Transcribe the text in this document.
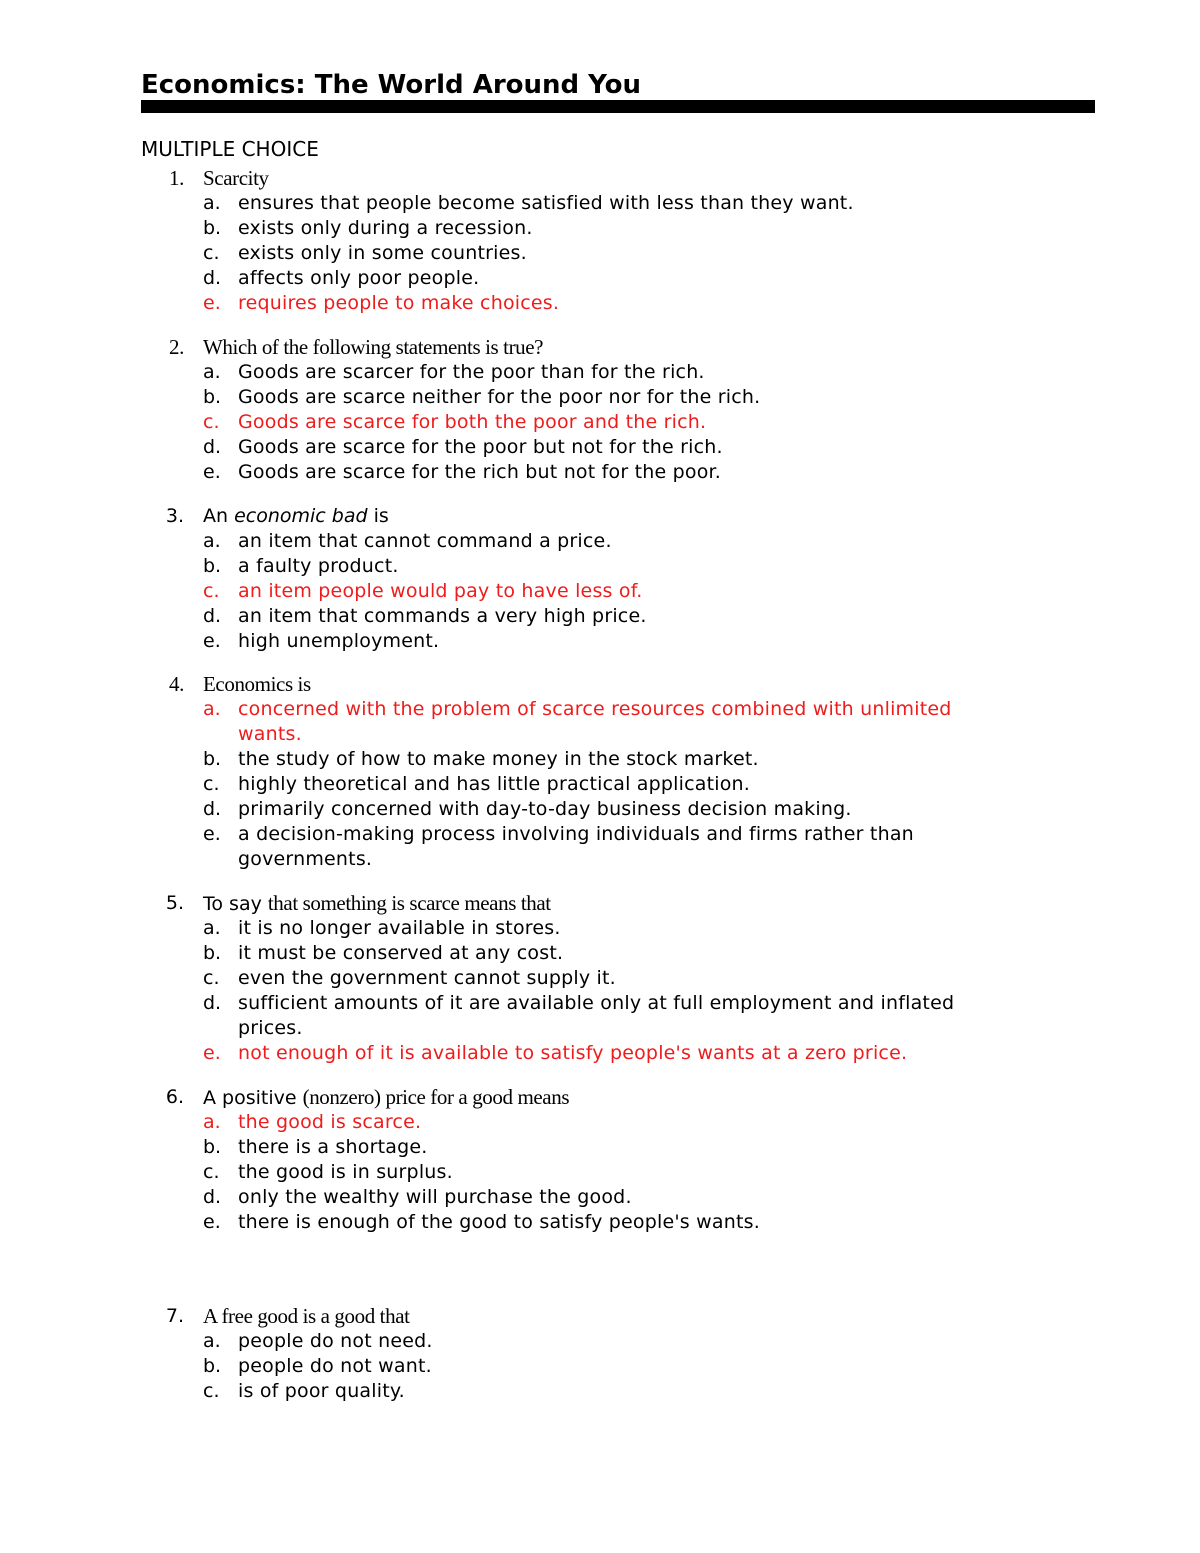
Economics: The World Around You
MULTIPLE CHOICE
1. Scarcity
a. ensures that people become satisfied with less than they want.
b. exists only during a recession.
c. exists only in some countries.
d. affects only poor people.
e. requires people to make choices.
2. Which of the following statements is true?
a. Goods are scarcer for the poor than for the rich.
b. Goods are scarce neither for the poor nor for the rich.
c. Goods are scarce for both the poor and the rich.
d. Goods are scarce for the poor but not for the rich.
e. Goods are scarce for the rich but not for the poor.
3. An economic bad is
a. an item that cannot command a price.
b. a faulty product.
c. an item people would pay to have less of.
d. an item that commands a very high price.
e. high unemployment.
4. Economics is
a. concerned with the problem of scarce resources combined with unlimited wants.
b. the study of how to make money in the stock market.
c. highly theoretical and has little practical application.
d. primarily concerned with day-to-day business decision making.
e. a decision-making process involving individuals and firms rather than governments.
5. To say that something is scarce means that
a. it is no longer available in stores.
b. it must be conserved at any cost.
c. even the government cannot supply it.
d. sufficient amounts of it are available only at full employment and inflated prices.
e. not enough of it is available to satisfy people's wants at a zero price.
6. A positive (nonzero) price for a good means
a. the good is scarce.
b. there is a shortage.
c. the good is in surplus.
d. only the wealthy will purchase the good.
e. there is enough of the good to satisfy people's wants.
7. A free good is a good that
a. people do not need.
b. people do not want.
c. is of poor quality.
